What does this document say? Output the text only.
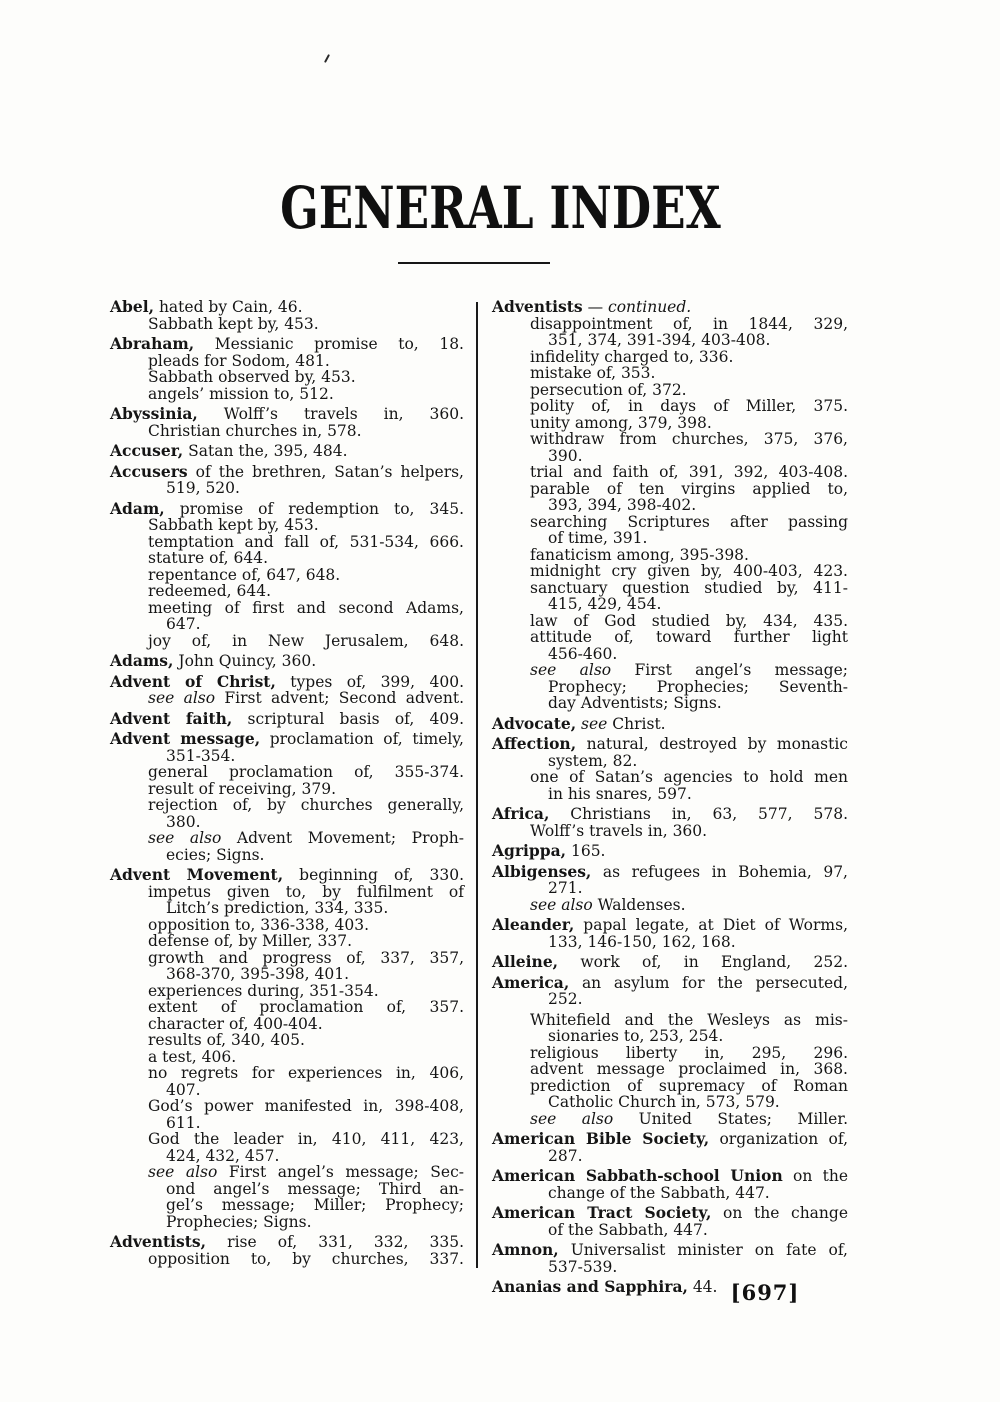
GENERAL INDEX
Abel, hated by Cain, 46.
Sabbath kept by, 453.
Abraham, Messianic promise to, 18.
pleads for Sodom, 481.
Sabbath observed by, 453.
angels’ mission to, 512.
Abyssinia, Wolff’s travels in, 360.
Christian churches in, 578.
Accuser, Satan the, 395, 484.
Accusers of the brethren, Satan’s helpers,
519, 520.
Adam, promise of redemption to, 345.
Sabbath kept by, 453.
temptation and fall of, 531-534, 666.
stature of, 644.
repentance of, 647, 648.
redeemed, 644.
meeting of first and second Adams,
647.
joy of, in New Jerusalem, 648.
Adams, John Quincy, 360.
Advent of Christ, types of, 399, 400.
see also First advent; Second advent.
Advent faith, scriptural basis of, 409.
Advent message, proclamation of, timely,
351-354.
general proclamation of, 355-374.
result of receiving, 379.
rejection of, by churches generally,
380.
see also Advent Movement; Proph-
ecies; Signs.
Advent Movement, beginning of, 330.
impetus given to, by fulfilment of
Litch’s prediction, 334, 335.
opposition to, 336-338, 403.
defense of, by Miller, 337.
growth and progress of, 337, 357,
368-370, 395-398, 401.
experiences during, 351-354.
extent of proclamation of, 357.
character of, 400-404.
results of, 340, 405.
a test, 406.
no regrets for experiences in, 406,
407.
God’s power manifested in, 398-408,
611.
God the leader in, 410, 411, 423,
424, 432, 457.
see also First angel’s message; Sec-
ond angel’s message; Third an-
gel’s message; Miller; Prophecy;
Prophecies; Signs.
Adventists, rise of, 331, 332, 335.
opposition to, by churches, 337.
Adventists — continued.
disappointment of, in 1844, 329,
351, 374, 391-394, 403-408.
infidelity charged to, 336.
mistake of, 353.
persecution of, 372.
polity of, in days of Miller, 375.
unity among, 379, 398.
withdraw from churches, 375, 376,
390.
trial and faith of, 391, 392, 403-408.
parable of ten virgins applied to,
393, 394, 398-402.
searching Scriptures after passing
of time, 391.
fanaticism among, 395-398.
midnight cry given by, 400-403, 423.
sanctuary question studied by, 411-
415, 429, 454.
law of God studied by, 434, 435.
attitude of, toward further light
456-460.
see also First angel’s message;
Prophecy; Prophecies; Seventh-
day Adventists; Signs.
Advocate, see Christ.
Affection, natural, destroyed by monastic
system, 82.
one of Satan’s agencies to hold men
in his snares, 597.
Africa, Christians in, 63, 577, 578.
Wolff’s travels in, 360.
Agrippa, 165.
Albigenses, as refugees in Bohemia, 97,
271.
see also Waldenses.
Aleander, papal legate, at Diet of Worms,
133, 146-150, 162, 168.
Alleine, work of, in England, 252.
America, an asylum for the persecuted,
252.
Whitefield and the Wesleys as mis-
sionaries to, 253, 254.
religious liberty in, 295, 296.
advent message proclaimed in, 368.
prediction of supremacy of Roman
Catholic Church in, 573, 579.
see also United States; Miller.
American Bible Society, organization of,
287.
American Sabbath-school Union on the
change of the Sabbath, 447.
American Tract Society, on the change
of the Sabbath, 447.
Amnon, Universalist minister on fate of,
537-539.
Ananias and Sapphira, 44. [697]
